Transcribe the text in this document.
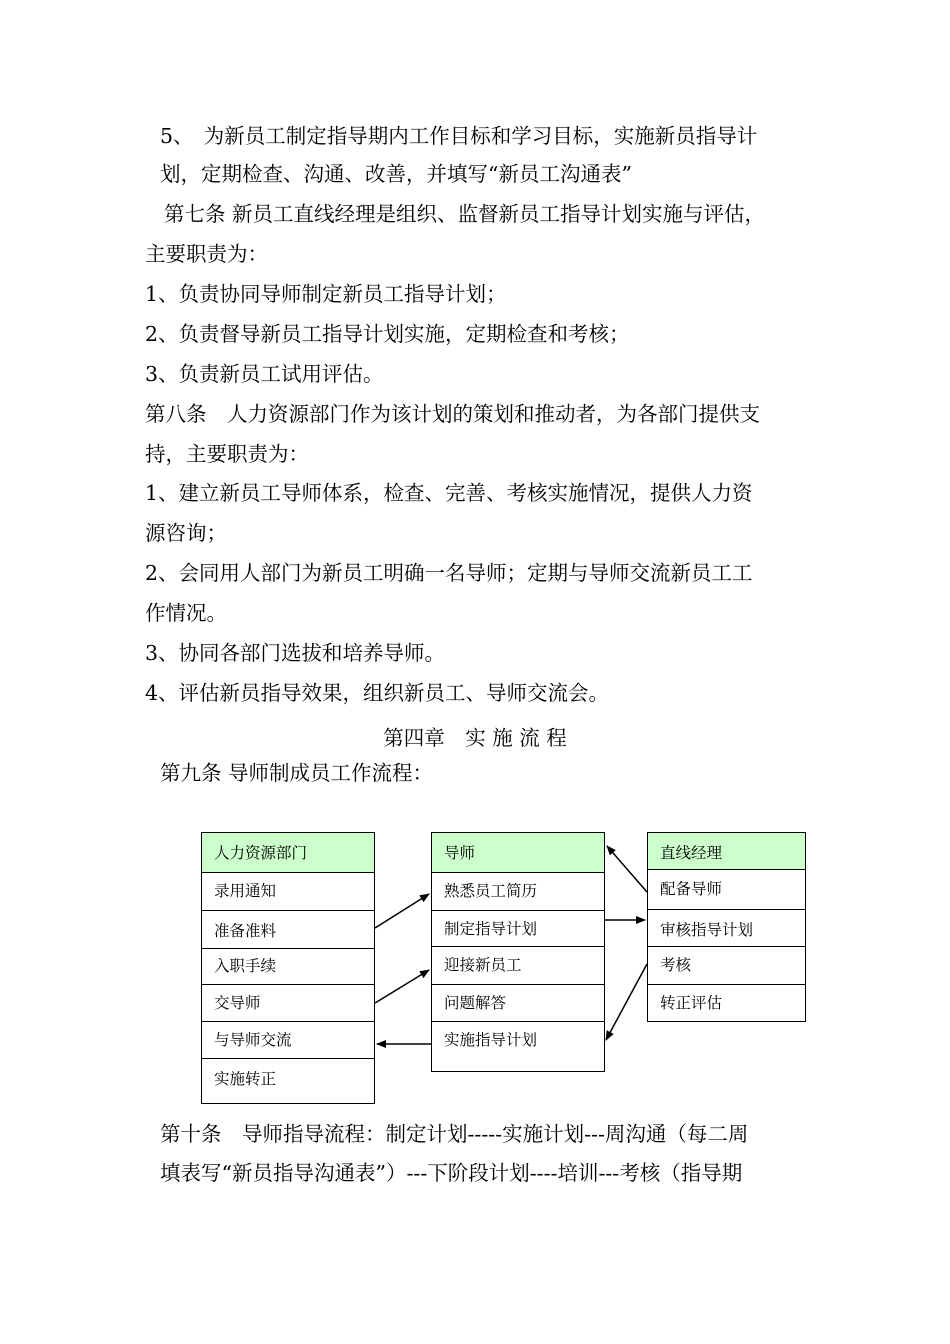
5、　为新员工制定指导期内工作目标和学习目标，实施新员指导计
划，定期检查、沟通、改善，并填写“新员工沟通表”
第七条 新员工直线经理是组织、监督新员工指导计划实施与评估，
主要职责为：
1、负责协同导师制定新员工指导计划；
2、负责督导新员工指导计划实施，定期检查和考核；
3、负责新员工试用评估。
第八条　人力资源部门作为该计划的策划和推动者，为各部门提供支
持，主要职责为：
1、建立新员工导师体系，检查、完善、考核实施情况，提供人力资
源咨询；
2、会同用人部门为新员工明确一名导师；定期与导师交流新员工工
作情况。
3、协同各部门选拔和培养导师。
4、评估新员指导效果，组织新员工、导师交流会。
第四章　实 施 流 程
第九条 导师制成员工作流程：
人力资源部门
录用通知
准备准料
入职手续
交导师
与导师交流
实施转正
导师
熟悉员工简历
制定指导计划
迎接新员工
问题解答
实施指导计划
直线经理
配备导师
审核指导计划
考核
转正评估
第十条　导师指导流程：制定计划-----实施计划---周沟通（每二周
填表写“新员指导沟通表”）---下阶段计划----培训---考核（指导期
